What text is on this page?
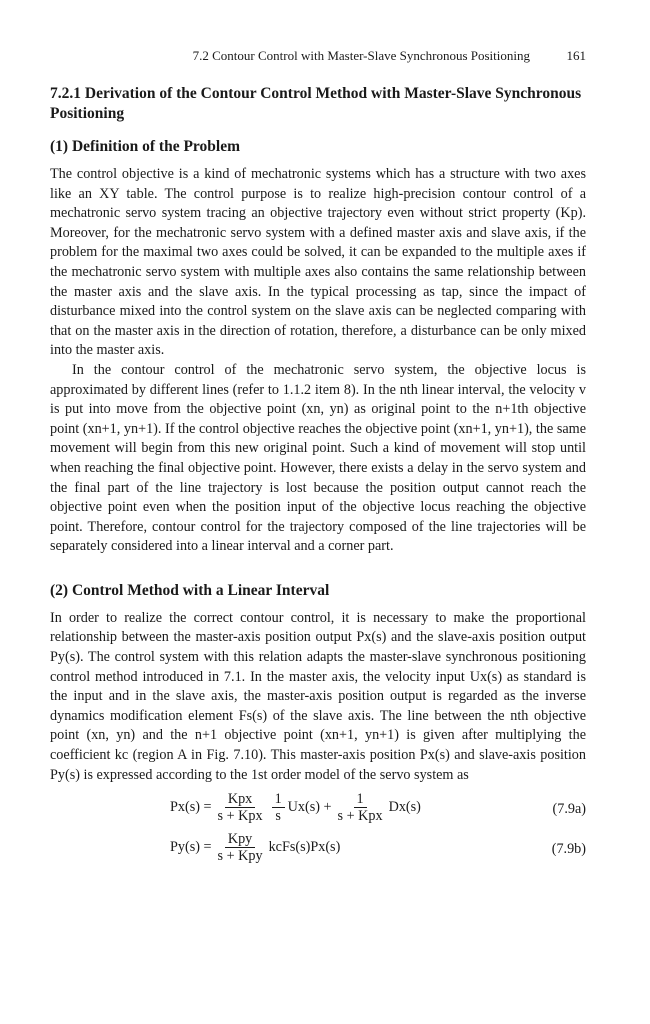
7.2 Contour Control with Master-Slave Synchronous Positioning	161
7.2.1 Derivation of the Contour Control Method with Master-Slave Synchronous Positioning
(1) Definition of the Problem

The control objective is a kind of mechatronic systems which has a structure with two axes like an XY table. The control purpose is to realize high-precision contour control of a mechatronic servo system tracing an objective trajectory even without strict property (Kp). Moreover, for the mechatronic servo system with a defined master axis and slave axis, if the problem for the maximal two axes could be solved, it can be expanded to the multiple axes if the mechatronic servo system with multiple axes also contains the same relationship between the master axis and the slave axis. In the typical processing as tap, since the impact of disturbance mixed into the control system on the slave axis can be neglected comparing with that on the master axis in the direction of rotation, therefore, a disturbance can be only mixed into the master axis.

In the contour control of the mechatronic servo system, the objective locus is approximated by different lines (refer to 1.1.2 item 8). In the nth linear interval, the velocity v is put into move from the objective point (xn, yn) as original point to the n+1th objective point (xn+1, yn+1). If the control objective reaches the objective point (xn+1, yn+1), the same movement will begin from this new original point. Such a kind of movement will stop until when reaching the final objective point. However, there exists a delay in the servo system and the final part of the line trajectory is lost because the position output cannot reach the objective point even when the position input of the objective locus reaching the objective point. Therefore, contour control for the trajectory composed of the line trajectories will be separately considered into a linear interval and a corner part.

(2) Control Method with a Linear Interval

In order to realize the correct contour control, it is necessary to make the proportional relationship between the master-axis position output Px(s) and the slave-axis position output Py(s). The control system with this relation adapts the master-slave synchronous positioning control method introduced in 7.1. In the master axis, the velocity input Ux(s) as standard is the input and in the slave axis, the master-axis position output is regarded as the inverse dynamics modification element Fs(s) of the slave axis. The line between the nth objective point (xn, yn) and the n+1 objective point (xn+1, yn+1) is given after multiplying the coefficient kc (region A in Fig. 7.10). This master-axis position Px(s) and slave-axis position Py(s) is expressed according to the 1st order model of the servo system as

$Px(s) = \frac{\text{Kpx}}{\text{s + Kpx}} \frac{1}{s} Ux(s) + \frac{1}{\text{s + Kpx}} Dx(s)$	(7.9a)
$Py(s) = \frac{\text{Kpy}}{\text{s + Kpy}}$ kcFs(s)Px(s)	(7.9b)
